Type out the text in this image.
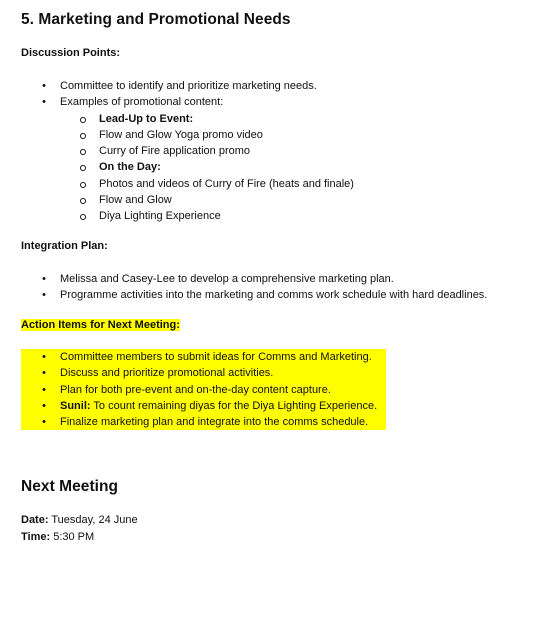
5. Marketing and Promotional Needs
Discussion Points:
• Committee to identify and prioritize marketing needs.
• Examples of promotional content:
Lead-Up to Event:
Flow and Glow Yoga promo video
Curry of Fire application promo
On the Day:
Photos and videos of Curry of Fire (heats and finale)
Flow and Glow
Diya Lighting Experience
Integration Plan:
• Melissa and Casey-Lee to develop a comprehensive marketing plan.
• Programme activities into the marketing and comms work schedule with hard deadlines.
Action Items for Next Meeting:
• Committee members to submit ideas for Comms and Marketing.
• Discuss and prioritize promotional activities.
• Plan for both pre-event and on-the-day content capture.
• Sunil: To count remaining diyas for the Diya Lighting Experience.
• Finalize marketing plan and integrate into the comms schedule.
Next Meeting
Date: Tuesday, 24 June
Time: 5:30 PM
